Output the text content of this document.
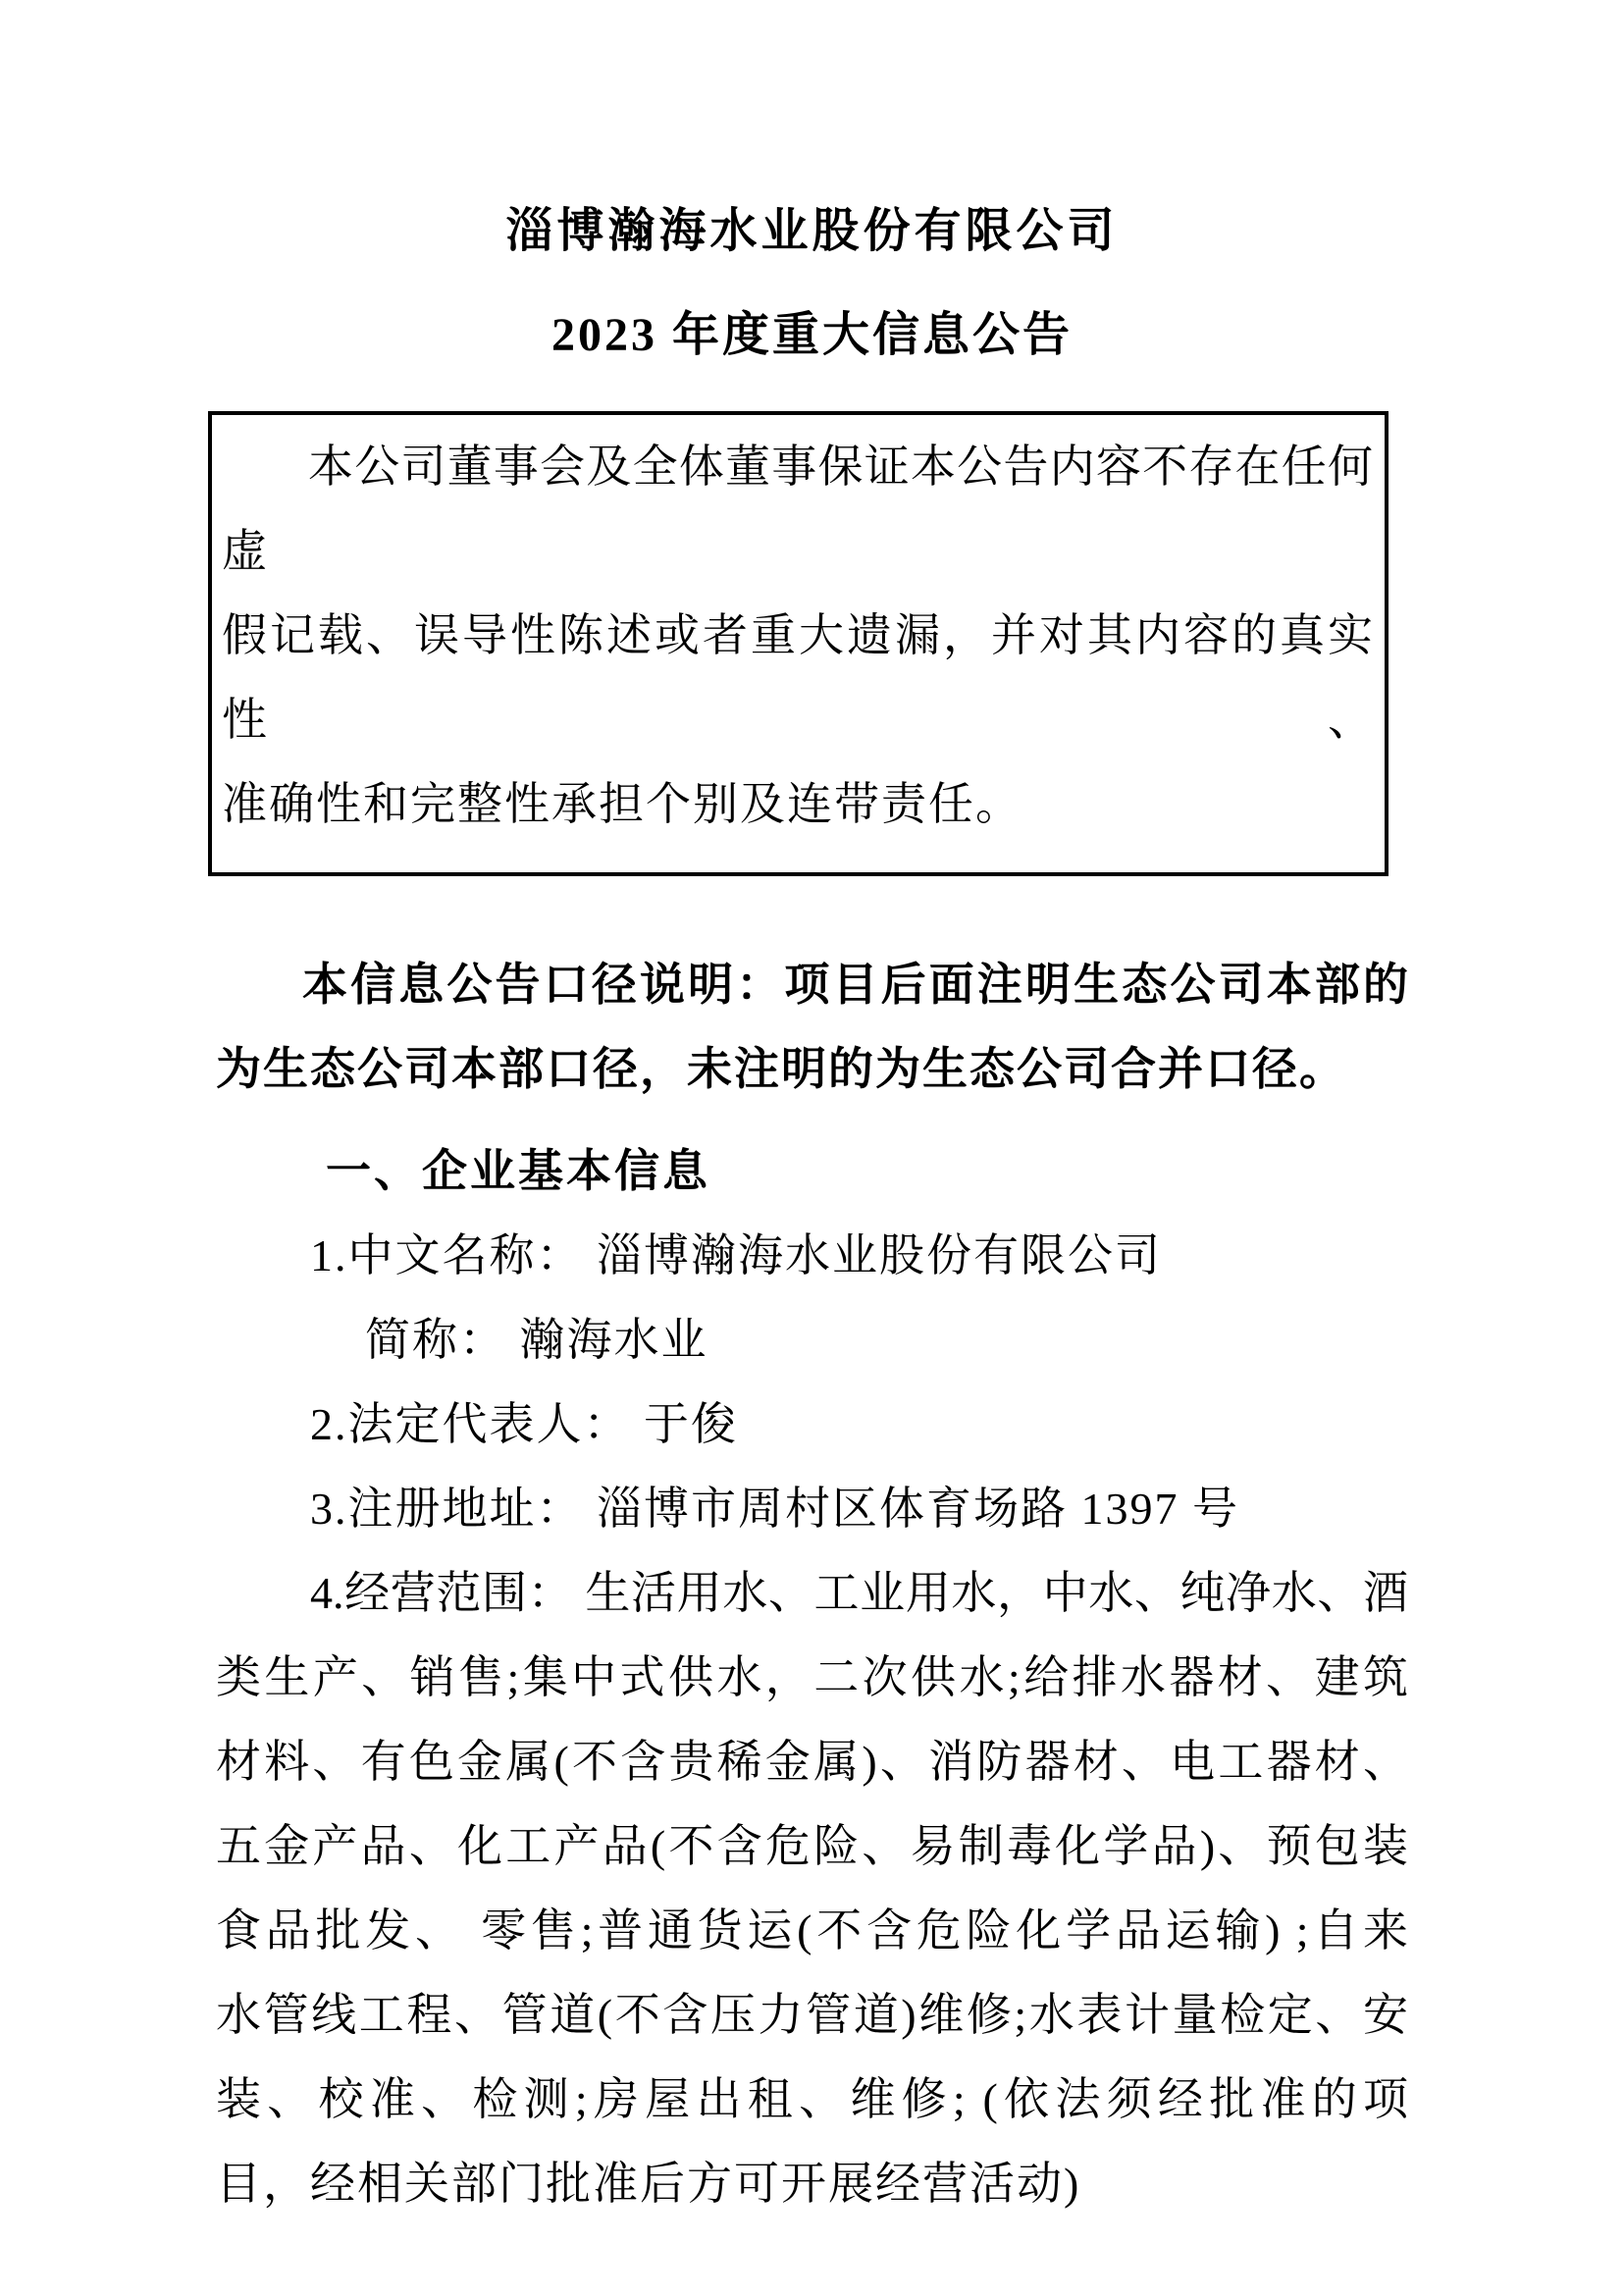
淄博瀚海水业股份有限公司
2023 年度重大信息公告
本公司董事会及全体董事保证本公告内容不存在任何虚
假记载、误导性陈述或者重大遗漏，并对其内容的真实性、
准确性和完整性承担个别及连带责任。
本信息公告口径说明：项目后面注明生态公司本部的
为生态公司本部口径，未注明的为生态公司合并口径。
一、企业基本信息
1.中文名称： 淄博瀚海水业股份有限公司
简称： 瀚海水业
2.法定代表人： 于俊
3.注册地址： 淄博市周村区体育场路 1397 号
4.经营范围： 生活用水、工业用水，中水、纯净水、酒
类生产、销售;集中式供水，二次供水;给排水器材、建筑
材料、有色金属(不含贵稀金属)、消防器材、电工器材、
五金产品、化工产品(不含危险、易制毒化学品)、预包装
食品批发、 零售;普通货运(不含危险化学品运输) ;自来
水管线工程、管道(不含压力管道)维修;水表计量检定、安
装、校准、检测;房屋出租、维修; (依法须经批准的项
目，经相关部门批准后方可开展经营活动)
